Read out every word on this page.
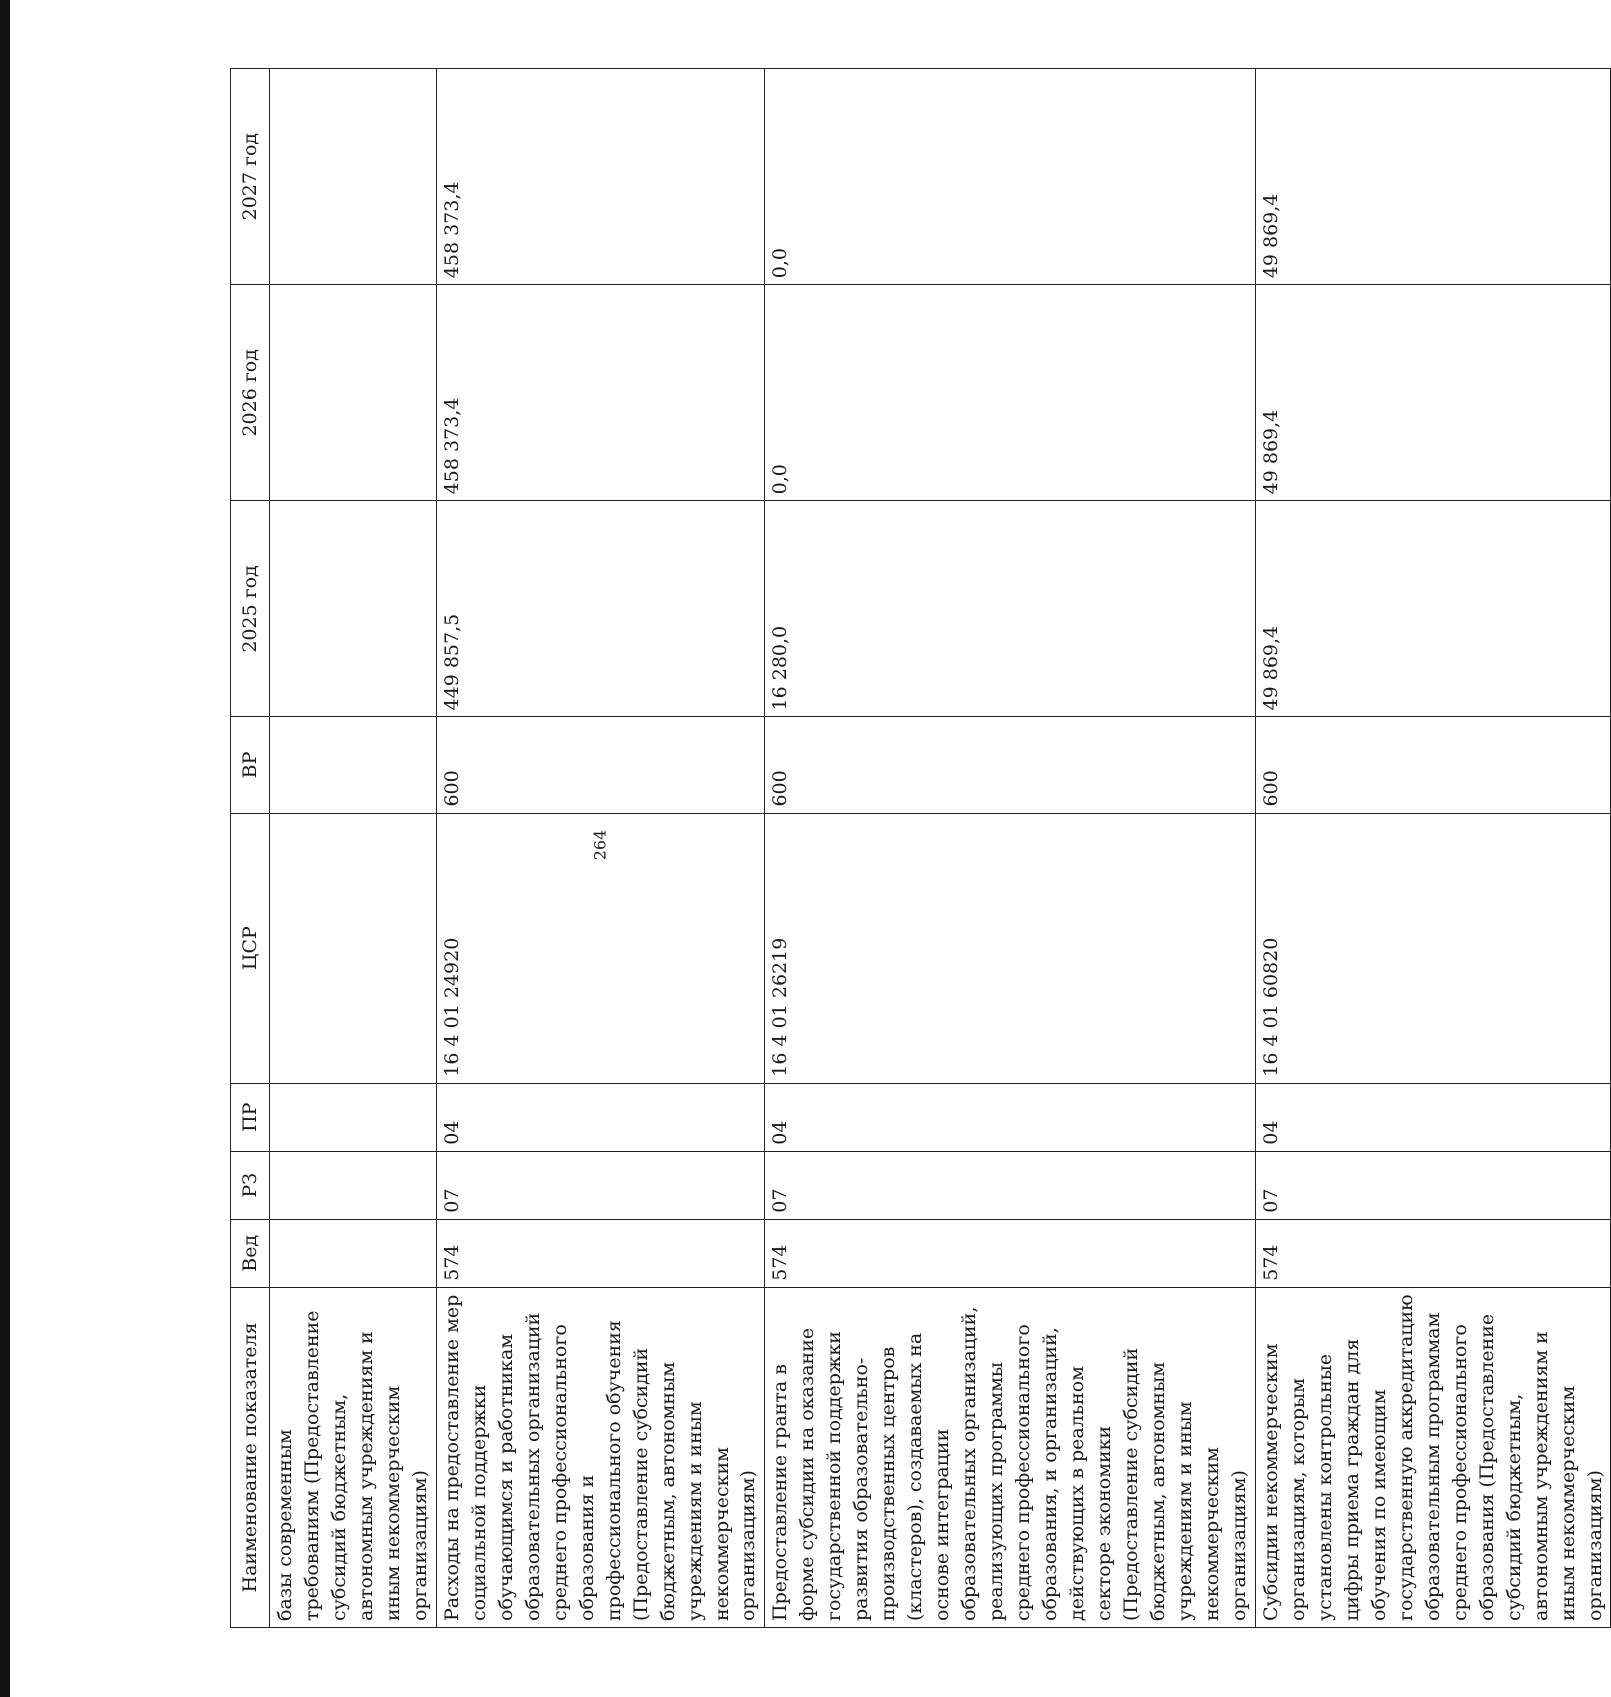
264
Наименование показателя	Вед	РЗ	ПР	ЦСР	ВР	2025 год	2026 год	2027 год
базы современным требованиям (Предоставление субсидий бюджетным, автономным учреждениям и иным некоммерческим организациям)								
Расходы на предоставление мер социальной поддержки обучающимся и работникам образовательных организаций среднего профессионального образования и профессионального обучения (Предоставление субсидий бюджетным, автономным учреждениям и иным некоммерческим организациям)	574	07	04	16 4 01 24920	600	449 857,5	458 373,4	458 373,4
Предоставление гранта в форме субсидии на оказание государственной поддержки развития образовательно-производственных центров (кластеров), создаваемых на основе интеграции образовательных организаций, реализующих программы среднего профессионального образования, и организаций, действующих в реальном секторе экономики (Предоставление субсидий бюджетным, автономным учреждениям и иным некоммерческим организациям)	574	07	04	16 4 01 26219	600	16 280,0	0,0	0,0
Субсидии некоммерческим организациям, которым установлены контрольные цифры приема граждан для обучения по имеющим государственную аккредитацию образовательным программам среднего профессионального образования (Предоставление субсидий бюджетным, автономным учреждениям и иным некоммерческим организациям)	574	07	04	16 4 01 60820	600	49 869,4	49 869,4	49 869,4
